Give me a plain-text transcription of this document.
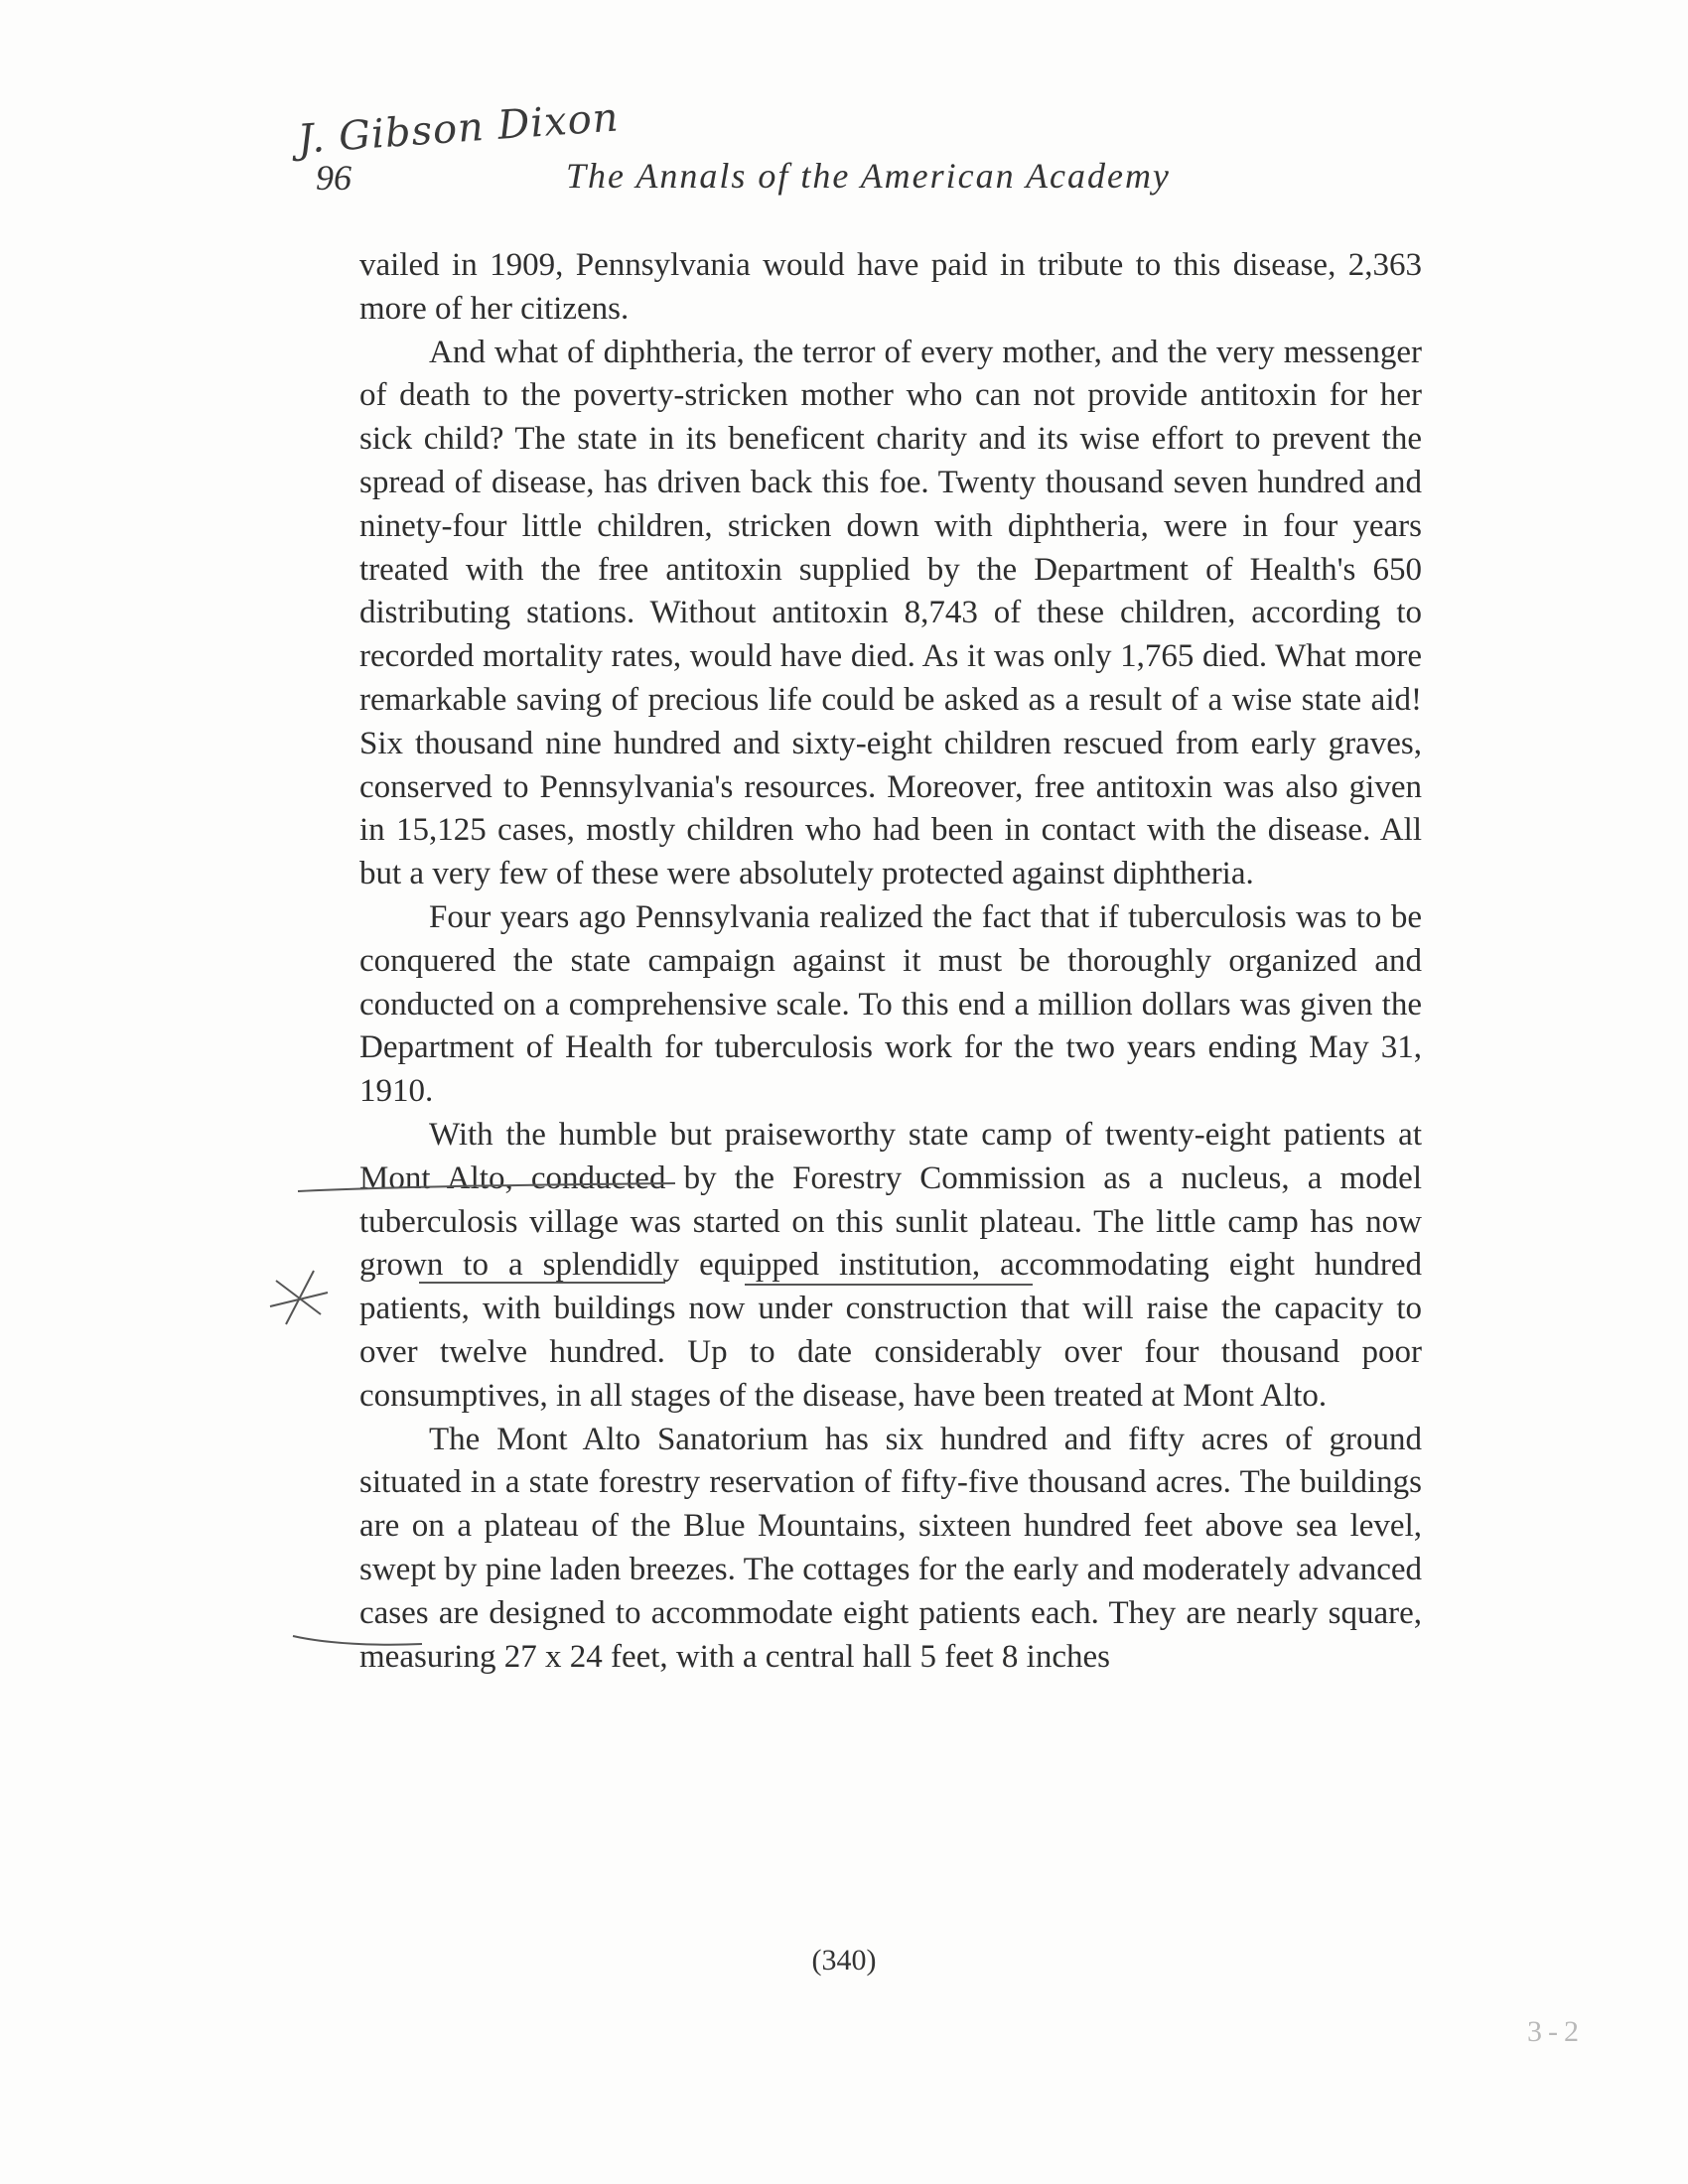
J. Gibson Dixon
96	The Annals of the American Academy

vailed in 1909, Pennsylvania would have paid in tribute to this disease, 2,363 more of her citizens.

And what of diphtheria, the terror of every mother, and the very messenger of death to the poverty-stricken mother who can not provide antitoxin for her sick child? The state in its beneficent charity and its wise effort to prevent the spread of disease, has driven back this foe. Twenty thousand seven hundred and ninety-four little children, stricken down with diphtheria, were in four years treated with the free antitoxin supplied by the Department of Health's 650 distributing stations. Without antitoxin 8,743 of these children, according to recorded mortality rates, would have died. As it was only 1,765 died. What more remarkable saving of precious life could be asked as a result of a wise state aid! Six thousand nine hundred and sixty-eight children rescued from early graves, conserved to Pennsylvania's resources. Moreover, free antitoxin was also given in 15,125 cases, mostly children who had been in contact with the disease. All but a very few of these were absolutely protected against diphtheria.

Four years ago Pennsylvania realized the fact that if tuberculosis was to be conquered the state campaign against it must be thoroughly organized and conducted on a comprehensive scale. To this end a million dollars was given the Department of Health for tuberculosis work for the two years ending May 31, 1910.

With the humble but praiseworthy state camp of twenty-eight patients at Mont Alto, conducted by the Forestry Commission as a nucleus, a model tuberculosis village was started on this sunlit plateau. The little camp has now grown to a splendidly equipped institution, accommodating eight hundred patients, with buildings now under construction that will raise the capacity to over twelve hundred. Up to date considerably over four thousand poor consumptives, in all stages of the disease, have been treated at Mont Alto.

The Mont Alto Sanatorium has six hundred and fifty acres of ground situated in a state forestry reservation of fifty-five thousand acres. The buildings are on a plateau of the Blue Mountains, sixteen hundred feet above sea level, swept by pine laden breezes. The cottages for the early and moderately advanced cases are designed to accommodate eight patients each. They are nearly square, measuring 27 x 24 feet, with a central hall 5 feet 8 inches

(340)
3-2
